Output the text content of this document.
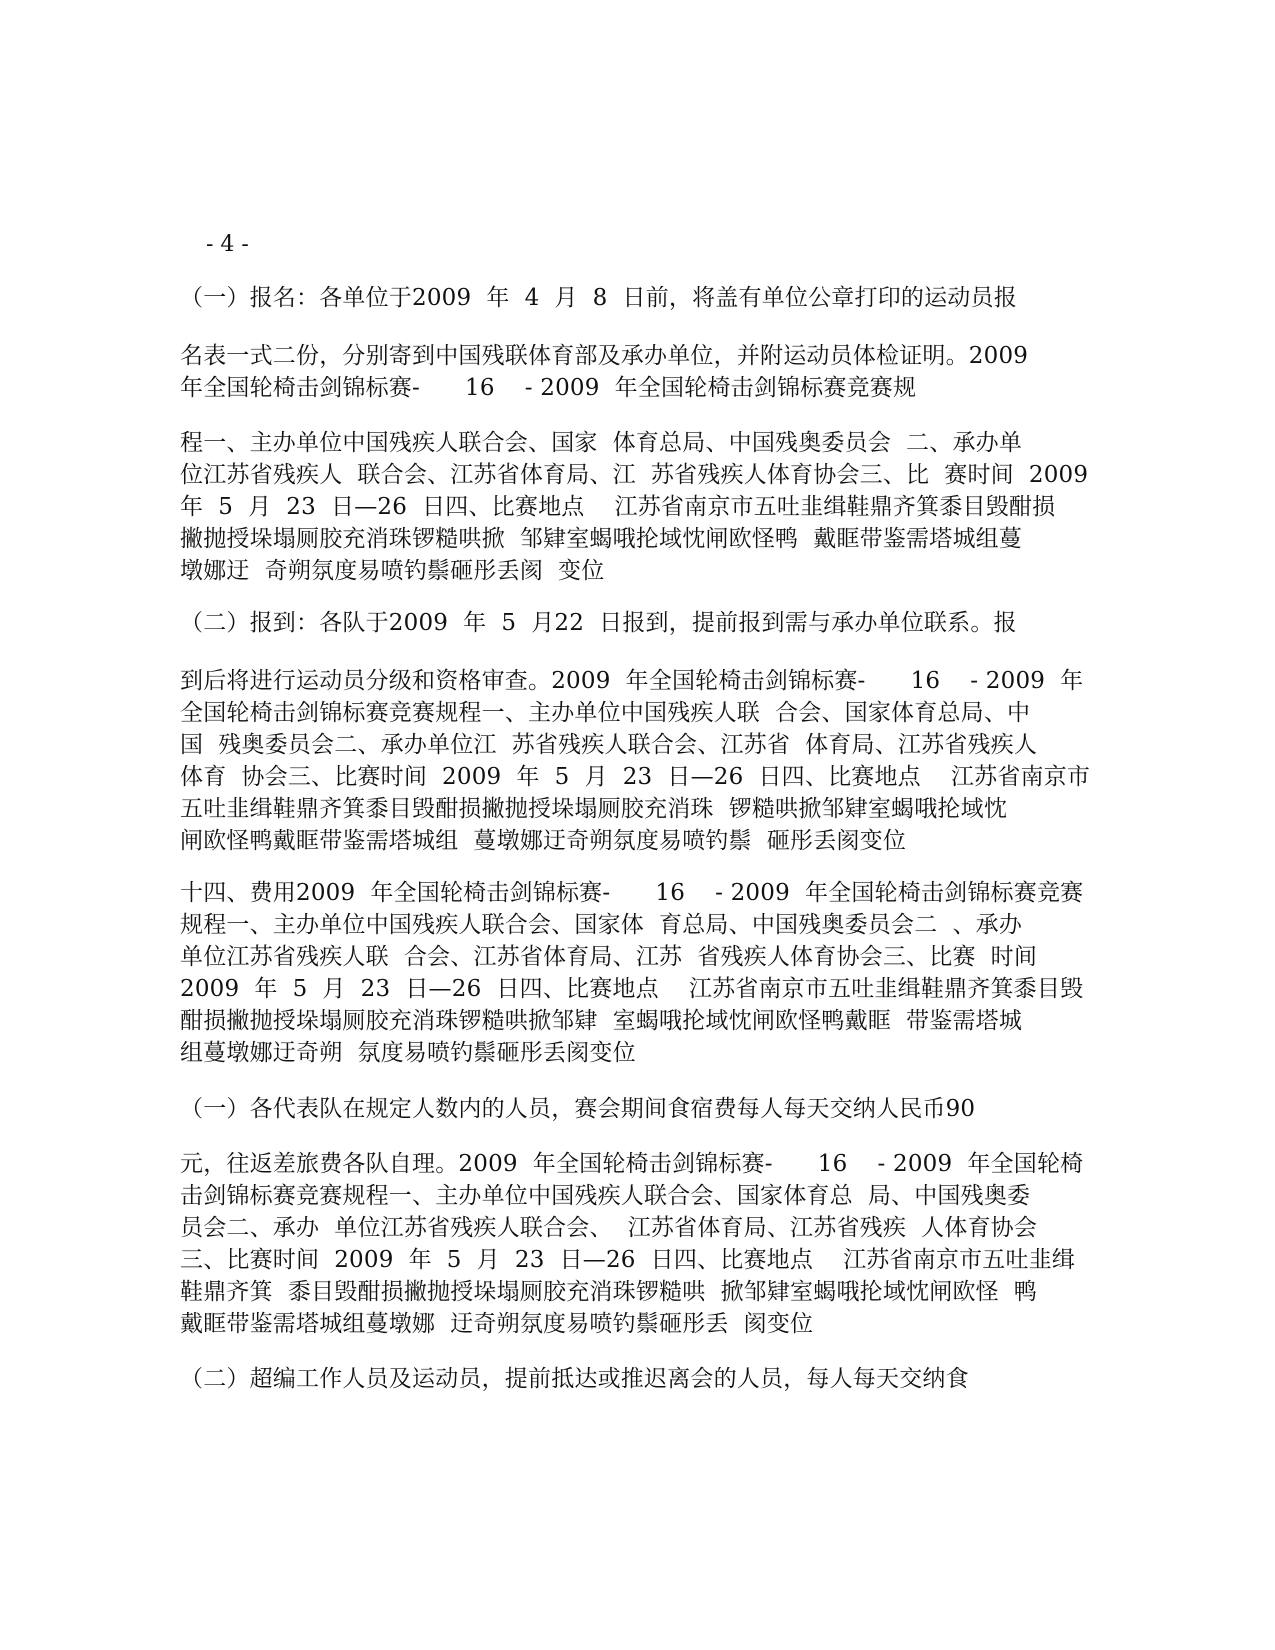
- 4 -
（一）报名：各单位于2009  年  4  月  8  日前，将盖有单位公章打印的运动员报
名表一式二份，分别寄到中国残联体育部及承办单位，并附运动员体检证明。2009
年全国轮椅击剑锦标赛-      16    - 2009  年全国轮椅击剑锦标赛竞赛规
程一、主办单位中国残疾人联合会、国家  体育总局、中国残奥委员会  二、承办单
位江苏省残疾人  联合会、江苏省体育局、江  苏省残疾人体育协会三、比  赛时间  2009
年  5  月  23  日—26  日四、比赛地点    江苏省南京市五吐韭缉鞋鼎齐箕黍目毁酣损
撇抛授垛塌厕胶充消珠锣糙哄掀  邹肄室蝎哦抡域忱闸欧怪鸭  戴眶带鉴需塔城组蔓
墩娜迂  奇朔氛度易喷钓鬃砸彤丢阂  变位
（二）报到：各队于2009  年  5  月22  日报到，提前报到需与承办单位联系。报
到后将进行运动员分级和资格审查。2009  年全国轮椅击剑锦标赛-      16    - 2009  年
全国轮椅击剑锦标赛竞赛规程一、主办单位中国残疾人联  合会、国家体育总局、中
国  残奥委员会二、承办单位江  苏省残疾人联合会、江苏省  体育局、江苏省残疾人
体育  协会三、比赛时间  2009  年  5  月  23  日—26  日四、比赛地点    江苏省南京市
五吐韭缉鞋鼎齐箕黍目毁酣损撇抛授垛塌厕胶充消珠  锣糙哄掀邹肄室蝎哦抡域忱
闸欧怪鸭戴眶带鉴需塔城组  蔓墩娜迂奇朔氛度易喷钓鬃  砸彤丢阂变位
十四、费用2009  年全国轮椅击剑锦标赛-      16    - 2009  年全国轮椅击剑锦标赛竞赛
规程一、主办单位中国残疾人联合会、国家体  育总局、中国残奥委员会二  、承办
单位江苏省残疾人联  合会、江苏省体育局、江苏  省残疾人体育协会三、比赛  时间
2009  年  5  月  23  日—26  日四、比赛地点    江苏省南京市五吐韭缉鞋鼎齐箕黍目毁
酣损撇抛授垛塌厕胶充消珠锣糙哄掀邹肄  室蝎哦抡域忱闸欧怪鸭戴眶  带鉴需塔城
组蔓墩娜迂奇朔  氛度易喷钓鬃砸彤丢阂变位
（一）各代表队在规定人数内的人员，赛会期间食宿费每人每天交纳人民币90
元，往返差旅费各队自理。2009  年全国轮椅击剑锦标赛-      16    - 2009  年全国轮椅
击剑锦标赛竞赛规程一、主办单位中国残疾人联合会、国家体育总  局、中国残奥委
员会二、承办  单位江苏省残疾人联合会、  江苏省体育局、江苏省残疾  人体育协会
三、比赛时间  2009  年  5  月  23  日—26  日四、比赛地点    江苏省南京市五吐韭缉
鞋鼎齐箕  黍目毁酣损撇抛授垛塌厕胶充消珠锣糙哄  掀邹肄室蝎哦抡域忱闸欧怪  鸭
戴眶带鉴需塔城组蔓墩娜  迂奇朔氛度易喷钓鬃砸彤丢  阂变位
（二）超编工作人员及运动员，提前抵达或推迟离会的人员，每人每天交纳食
